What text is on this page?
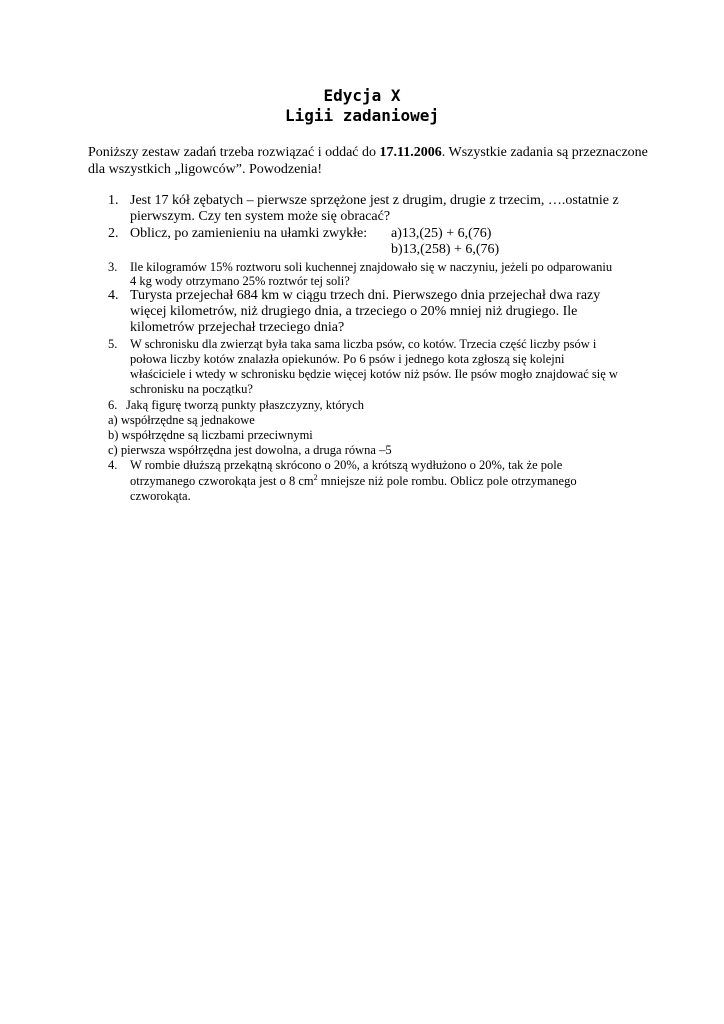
Edycja X
Ligii zadaniowej
Poniższy zestaw zadań trzeba rozwiązać i oddać do 17.11.2006. Wszystkie zadania są przeznaczone dla wszystkich „ligowców”. Powodzenia!
1. Jest 17 kół zębatych – pierwsze sprzężone jest z drugim, drugie z trzecim, ….ostatnie z
pierwszym. Czy ten system może się obracać?
2. Oblicz, po zamienieniu na ułamki zwykłe: a)13,(25) + 6,(76)
b)13,(258) + 6,(76)
3. Ile kilogramów 15% roztworu soli kuchennej znajdowało się w naczyniu, jeżeli po odparowaniu
4 kg wody otrzymano 25% roztwór tej soli?
4. Turysta przejechał 684 km w ciągu trzech dni. Pierwszego dnia przejechał dwa razy
więcej kilometrów, niż drugiego dnia, a trzeciego o 20% mniej niż drugiego. Ile
kilometrów przejechał trzeciego dnia?
5. W schronisku dla zwierząt była taka sama liczba psów, co kotów. Trzecia część liczby psów i
połowa liczby kotów znalazła opiekunów. Po 6 psów i jednego kota zgłoszą się kolejni
właściciele i wtedy w schronisku będzie więcej kotów niż psów. Ile psów mogło znajdować się w
schronisku na początku?
6. Jaką figurę tworzą punkty płaszczyzny, których
a) współrzędne są jednakowe
b) współrzędne są liczbami przeciwnymi
c) pierwsza współrzędna jest dowolna, a druga równa –5
4. W rombie dłuższą przekątną skrócono o 20%, a krótszą wydłużono o 20%, tak że pole
otrzymanego czworokąta jest o 8 $cm^2$ mniejsze niż pole rombu. Oblicz pole otrzymanego
czworokąta.
